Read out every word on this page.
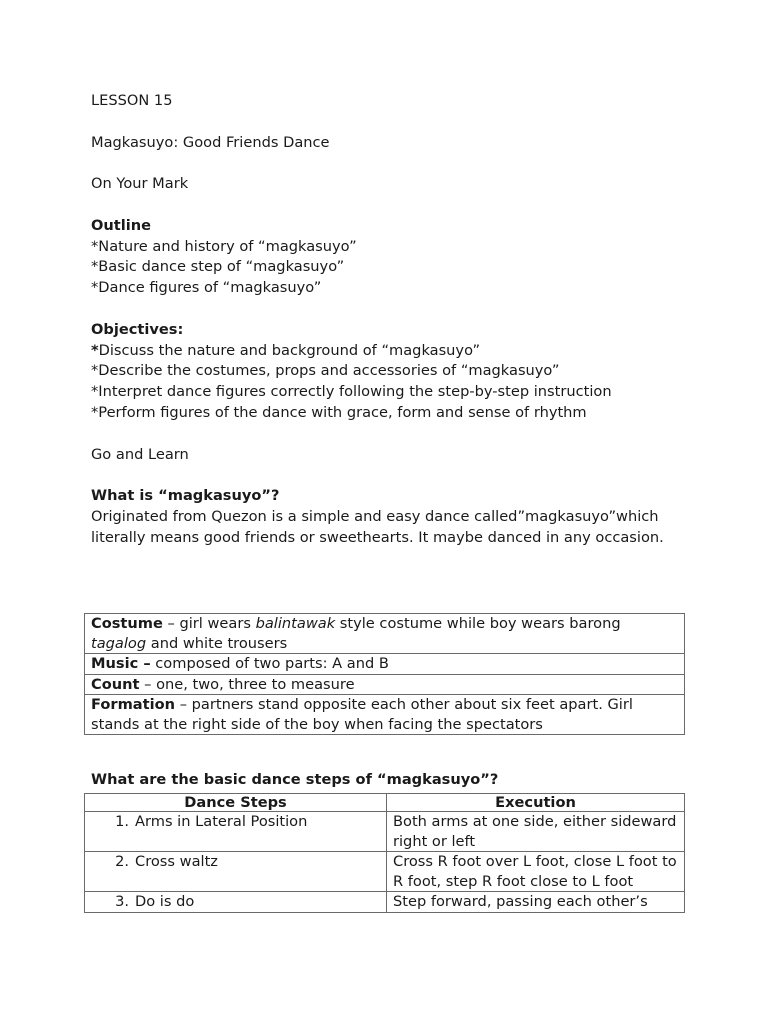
LESSON 15

Magkasuyo: Good Friends Dance

On Your Mark

Outline

*Nature and history of “magkasuyo”

*Basic dance step of “magkasuyo”

*Dance figures of “magkasuyo”

Objectives:

*Discuss the nature and background of “magkasuyo”

*Describe the costumes, props and accessories of “magkasuyo”

*Interpret dance figures correctly following the step-by-step instruction

*Perform figures of the dance with grace, form and sense of rhythm

Go and Learn

What is “magkasuyo”?

Originated from Quezon is a simple and easy dance called”magkasuyo”which literally means good friends or sweethearts. It maybe danced in any occasion.

Costume – girl wears balintawak style costume while boy wears barong
tagalog and white trousers
Music – composed of two parts: A and B
Count – one, two, three to measure
Formation – partners stand opposite each other about six feet apart. Girl stands at the right side of the boy when facing the spectators

What are the basic dance steps of “magkasuyo”?

Dance Steps	Execution
1. Arms in Lateral Position	Both arms at one side, either sideward right or left
2. Cross waltz	Cross R foot over L foot, close L foot to R foot, step R foot close to L foot
3. Do is do	Step forward, passing each other’s
